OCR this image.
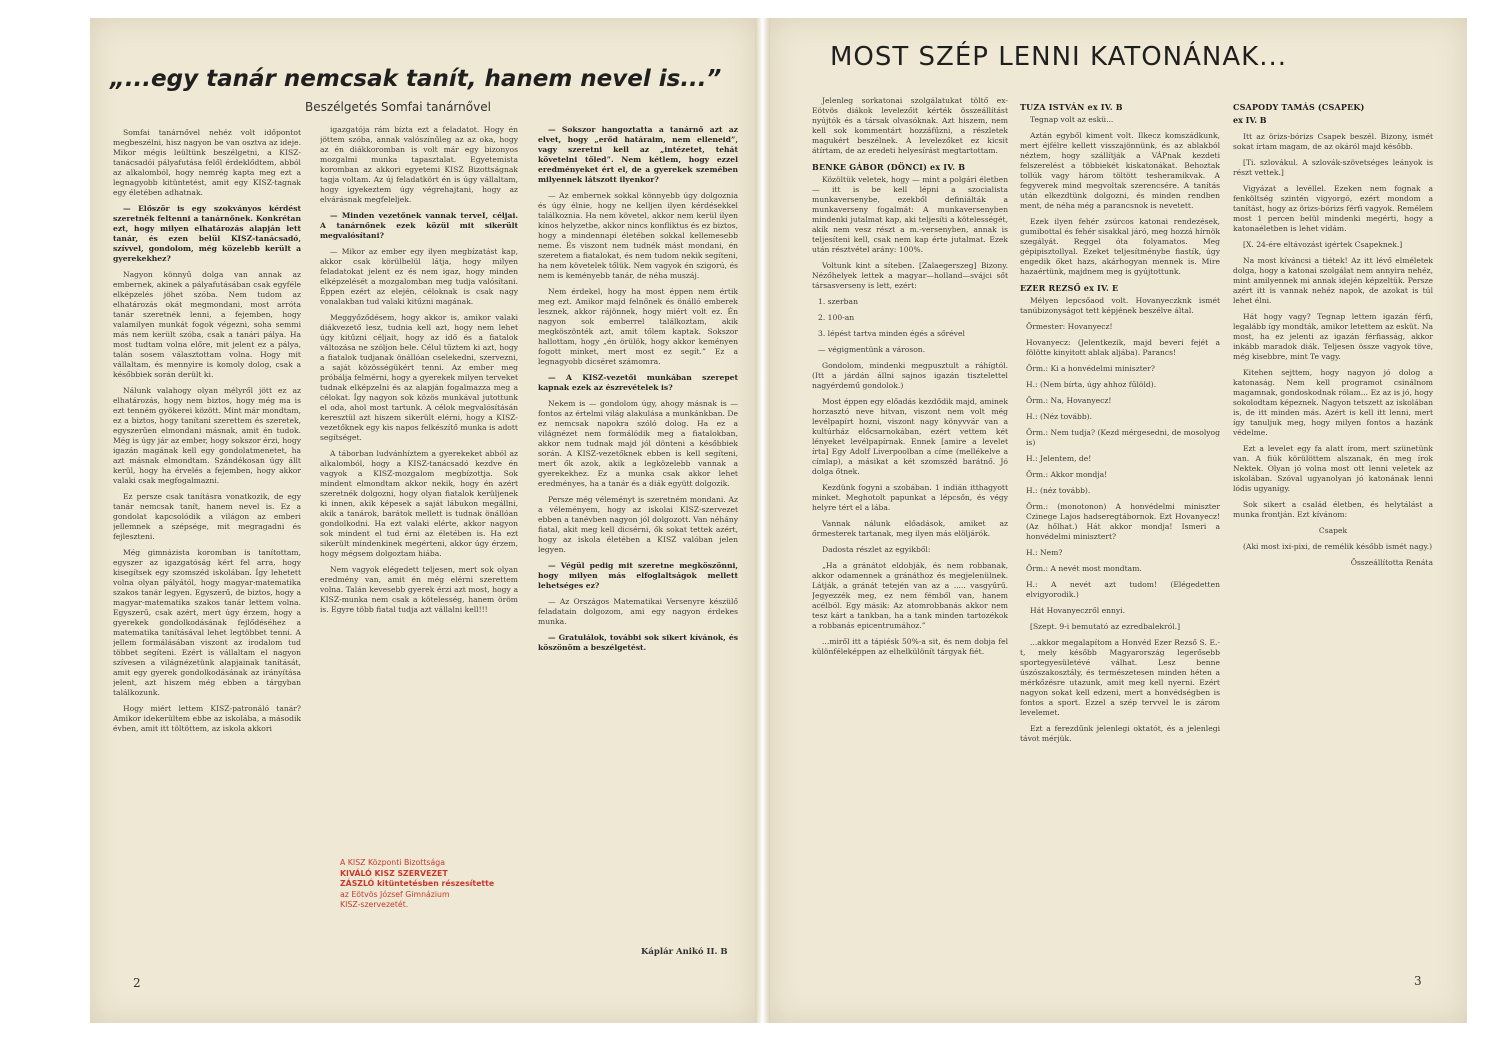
„...egy tanár nemcsak tanít, hanem nevel is...”
Beszélgetés Somfai tanárnővel
MOST SZÉP LENNI KATONÁNAK...

Somfai tanárnővel nehéz volt időpontot megbeszélni, hisz nagyon be van osztva az ideje. Mikor mégis leültünk beszélgetni, a KISZ-tanácsadói pályafutása felől érdeklődtem, abból az alkalomból, hogy nemrég kapta meg ezt a legnagyobb kitüntetést, amit egy KISZ-tagnak egy életében adhatnak.

— Először is egy szokványos kérdést szeretnék feltenni a tanárnőnek. Konkrétan ezt, hogy milyen elhatározás alapján lett tanár, és ezen belül KISZ-tanácsadó, szívvel, gondolom, még közelebb került a gyerekekhez?

Nagyon könnyű dolga van annak az embernek, akinek a pályafutásában csak egyféle elképzelés jöhet szóba. Nem tudom az elhatározás okát megmondani, most arróta tanár szeretnék lenni, a fejemben, hogy valamilyen munkát fogok végezni, soha semmi más nem került szóba, csak a tanári pálya. Ha most tudtam volna előre, mit jelent ez a pálya, talán sosem választottam volna. Hogy mit vállaltam, és mennyire is komoly dolog, csak a későbbiek során derült ki.

Nálunk valahogy olyan mélyről jött ez az elhatározás, hogy nem biztos, hogy még ma is ezt tenném gyökerei között. Mint már mondtam, ez a biztos, hogy tanítani szerettem és szeretek, egyszerűen elmondani másnak, amit én tudok. Még is úgy jár az ember, hogy sokszor érzi, hogy igazán magának kell egy gondolatmenetet, ha azt másnak elmondtam. Szándékosan úgy állt kerül, hogy ha érvelés a fejemben, hogy akkor valaki csak megfogalmazni.

Ez persze csak tanításra vonatkozik, de egy tanár nemcsak tanít, hanem nevel is. Ez a gondolat kapcsolódik a világon az emberi jellemnek a szépsége, mit megragadni és fejleszteni.

Még gimnázista koromban is tanítottam, egyszer az igazgatóság kért fel arra, hogy kisegítsek egy szomszéd iskolában. Így lehetett volna olyan pályától, hogy magyar-matematika szakos tanár legyen. Egyszerű, de biztos, hogy a magyar-matematika szakos tanár lettem volna. Egyszerű, csak azért, mert úgy érzem, hogy a gyerekek gondolkodásának fejlődéséhez a matematika tanításával lehet legtöbbet tenni. A jellem formálásában viszont az irodalom tud többet segíteni. Ezért is vállaltam el nagyon szívesen a világnézetünk alapjainak tanítását, amit egy gyerek gondolkodásának az irányítása jelent, azt hiszem még ebben a tárgyban találkozunk.

Hogy miért lettem KISZ-patronáló tanár? Amikor idekerültem ebbe az iskolába, a második évben, amit itt töltöttem, az iskola akkori

igazgatója rám bízta ezt a feladatot. Hogy én jöttem szóba, annak valószínűleg az az oka, hogy az én diákkoromban is volt már egy bizonyos mozgalmi munka tapasztalat. Egyetemista koromban az akkori egyetemi KISZ Bizottságnak tagja voltam. Az új feladatkört én is úgy vállaltam, hogy igyekeztem úgy végrehajtani, hogy az elvárásnak megfeleljek.

— Minden vezetőnek vannak terveI, céljai. A tanárnőnek ezek közül mit sikerült megvalósítani?

— Mikor az ember egy ilyen megbízatást kap, akkor csak körülbelül látja, hogy milyen feladatokat jelent ez és nem igaz, hogy minden elképzelését a mozgalomban meg tudja valósítani. Éppen ezért az elején, céloknak is csak nagy vonalakban tud valaki kitűzni magának.

Meggyőződésem, hogy akkor is, amikor valaki diákvezető lesz, tudnia kell azt, hogy nem lehet úgy kitűzni céljait, hogy az idő és a fiatalok változása ne szóljon bele. Célul tűztem ki azt, hogy a fiatalok tudjanak önállóan cselekedni, szervezni, a saját közösségükért tenni. Az ember meg próbálja felmérni, hogy a gyerekek milyen terveket tudnak elképzelni és az alapján fogalmazza meg a célokat. Így nagyon sok közös munkával jutottunk el oda, ahol most tartunk. A célok megvalósításán keresztül azt hiszem sikerült elérni, hogy a KISZ-vezetőknek egy kis napos felkészítő munka is adott segítséget.

A táborban ludvánhíztem a gyerekeket abból az alkalomból, hogy a KISZ-tanácsadó kezdve én vagyok a KISZ-mozgalom megbízottja. Sok mindent elmondtam akkor nekik, hogy én azért szeretnék dolgozni, hogy olyan fiatalok kerüljenek ki innen, akik képesek a saját lábukon megállni, akik a tanárok, barátok mellett is tudnak önállóan gondolkodni. Ha ezt valaki elérte, akkor nagyon sok mindent el tud érni az életében is. Ha ezt sikerült mindenkinek megérteni, akkor úgy érzem, hogy mégsem dolgoztam hiába.

Nem vagyok elégedett teljesen, mert sok olyan eredmény van, amit én még elérni szerettem volna. Talán kevesebb gyerek érzi azt most, hogy a KISZ-munka nem csak a kötelesség, hanem öröm is. Egyre több fiatal tudja azt vállalni kell!!!

— Sokszor hangoztatta a tanárnő azt az elvet, hogy „erőd határaim, nem elleneid”, vagy szeretni kell az „intézetet, tehát követelni tőled”. Nem kétlem, hogy ezzel eredményeket ért el, de a gyerekek szemében milyennek látszott ilyenkor?

— Az embernek sokkal könnyebb úgy dolgoznia és úgy élnie, hogy ne kelljen ilyen kérdésekkel találkoznia. Ha nem követel, akkor nem kerül ilyen kínos helyzetbe, akkor nincs konfliktus és ez biztos, hogy a mindennapi életében sokkal kellemesebb neme. És viszont nem tudnék mást mondani, én szeretem a fiatalokat, és nem tudom nekik segíteni, ha nem követelek tőlük. Nem vagyok én szigorú, és nem is keményebb tanár, de néha muszáj.

Nem érdekel, hogy ha most éppen nem értik meg ezt. Amikor majd felnőnek és önálló emberek lesznek, akkor rájönnek, hogy miért volt ez. Én nagyon sok emberrel találkoztam, akik megköszönték azt, amit tőlem kaptak. Sokszor hallottam, hogy „én örülök, hogy akkor keményen fogott minket, mert most ez segít.” Ez a legnagyobb dicséret számomra.

— A KISZ-vezetői munkában szerepet kapnak ezek az észrevételek is?

Nekem is — gondolom úgy, ahogy másnak is — fontos az értelmi világ alakulása a munkánkban. De ez nemcsak napokra szóló dolog. Ha ez a világnézet nem formálódik meg a fiatalokban, akkor nem tudnak majd jól dönteni a későbbiek során. A KISZ-vezetőknek ebben is kell segíteni, mert ők azok, akik a legközelebb vannak a gyerekekhez. Ez a munka csak akkor lehet eredményes, ha a tanár és a diák együtt dolgozik.

Persze még véleményt is szeretném mondani. Az a véleményem, hogy az iskolai KISZ-szervezet ebben a tanévben nagyon jól dolgozott. Van néhány fiatal, akit meg kell dicsérni, ők sokat tettek azért, hogy az iskola életében a KISZ valóban jelen legyen.

— Végül pedig mit szeretne megköszönni, hogy milyen más elfoglaltságok mellett lehetséges ez?

— Az Országos Matematikai Versenyre készülő feladatain dolgozom, ami egy nagyon érdekes munka.

— Gratulálok, további sok sikert kívánok, és köszönöm a beszélgetést.

A KISZ Központi Bizottsága

KIVÁLÓ KISZ SZERVEZET

ZÁSZLÓ kitüntetésben részesítette

az Eötvös József Gimnázium

KISZ-szervezetét.

Káplár Anikó II. B

Jelenleg sorkatonai szolgálatukat töltő ex-Eötvös diákok levelezőit kérték összeállítást nyújtók és a társak olvasóknak. Azt hiszem, nem kell sok kommentárt hozzáfűzni, a részletek magukért beszélnek. A levelezőket ez kicsit átírtam, de az eredeti helyesírást megtartottam.

BENKE GÁBOR (DÖNCI) ex IV. B

Közöltük veletek, hogy — mint a polgári életben — itt is be kell lépni a szocialista munkaversenybe, ezekből definiálták a munkaverseny fogalmát: A munkaversenyben mindenki jutalmat kap, aki teljesíti a kötelességét, akik nem vesz részt a m.-versenyben, annak is teljesíteni kell, csak nem kap érte jutalmat. Ezek után résztvétel arány: 100%.

Voltunk kint a síteben. [Zalaegerszeg] Bizony. Nézőhelyek lettek a magyar—holland—svájci sőt társasverseny is lett, ezért:

1. szerban

2. 100-an

3. lépést tartva minden égés a sőrével

— végigmentünk a városon.

Gondolom, mindenki megpusztult a ráhígtól. (Itt a járdán állni sajnos igazán tisztelettel nagyérdemű gondolok.)

Most éppen egy előadás kezdődik majd, aminek horzasztó neve hitvan, viszont nem volt még levélpapírt hozni, viszont nagy könyvvár van a kultúrház előcsarnokában, ezért vettem két lényeket levélpapírnak. Ennek [amire a levelet írta] Egy Adolf Liverpoolban a címe (mellékelve a címlap), a másikat a két szomszéd barátnő. Jó dolga őtnek.

Kezdünk fogyni a szobában. 1 indián itthagyott minket. Meghotolt papunkat a lépcsőn, és végy helyre tért el a lába.

Vannak nálunk előadások, amiket az őrmesterek tartanak, meg ilyen más elöljárók.

Dadosta részlet az egyikből:

„Ha a gránátot eldobják, és nem robbanak, akkor odamennek a gránáthoz és megjelenülnek. Látják, a gránát tetején van az a ..... vasgyűrű. Jegyezzék meg, ez nem fémből van, hanem acélból. Egy másik: Az atomrobbanás akkor nem tesz kárt a tankban, ha a tank minden tartozékok a robbanás epicentrumához.”

...miről itt a tápiésk 50%-a sit, és nem dobja fel különféleképpen az elhelkülönít tárgyak fiét.

TUZA ISTVÁN ex IV. B

Tegnap volt az eskü...

Aztán egyből kiment volt. Ilkecz komszádkunk, mert éjfélre kellett visszajönnünk, és az ablakból néztem, hogy szállítják a VÁPnak kezdeti felszerelést a többiekét kiskatonákat. Behoztak tollúk vagy három töltött tesheramikvak. A fegyverek mind megvoltak szerencsére. A tanítás után elkezdtünk dolgozni, és minden rendben ment, de néha még a parancsnok is nevetett.

Ezek ilyen fehér zsúrcos katonai rendezések, gumibottal és fehér sisakkal járó, meg hozzá hírnök szegályát. Reggel óta folyamatos. Meg gépipisztollyal. Ezeket teljesítménybe fiastík, úgy engedik őket hazs, akárhogyan mennek is. Mire hazaértünk, majdnem meg is gyújtottunk.

EZER REZSŐ ex IV. E

Mélyen lepcsőaod volt. Hovanyeczknk ismét tanúbizonyságot tett képjének beszélve által.

Őrmester: Hovanyecz!

Hovanyecz: (Jelentkezik, majd beveri fejét a fölötte kinyitott ablak aljába). Parancs!

Őrm.: Ki a honvédelmi miniszter?

H.: (Nem bírta, úgy ahhoz fűlöld).

Őrm.: Na, Hovanyecz!

H.: (Néz tovább).

Őrm.: Nem tudja? (Kezd mérgesedni, de mosolyog is)

H.: Jelentem, de!

Őrm.: Akkor mondja!

H.: (néz tovább).

Őrm.: (monotonon) A honvédelmi miniszter Czinege Lajos hadseregtábornok. Ezt Hovanyecz! (Az hőlhat.) Hát akkor mondja! Ismeri a honvédelmi minisztert?

H.: Nem?

Őrm.: A nevét most mondtam.

H.: A nevét azt tudom! (Elégedetten elvigyorodik.)

Hát Hovanyeczről ennyi.

[Szept. 9-i bemutató az ezredbalekról.]

...akkor megalapítom a Honvéd Ezer Rezső S. E.-t, mely később Magyarország legerősebb sportegyesületévé válhat. Lesz benne úszószakosztály, és természetesen minden héten a mérkőzésre utazunk, amit meg kell nyerni. Ezért nagyon sokat kell edzeni, mert a honvédségben is fontos a sport. Ezzel a szép tervvel le is zárom levelemet.

Ezt a ferezdűnk jelenlegi oktatót, és a jelenlegi távot mérjük.

CSAPODY TAMÁS (CSAPEK)
ex IV. B

Itt az örizs-bórizs Csapek beszél. Bizony, ismét sokat írtam magam, de az okáról majd később.

[Ti. szlovákul. A szlovák-szövetséges leányok is részt vettek.]

Vigyázat a levéllel. Ezeken nem fognak a fenköltség szintén vigyorgó, ezért mondom a tanítást, hogy az örizs-bórizs férfi vagyok. Remélem most 1 percen belül mindenki megérti, hogy a katonaéletben is lehet vidám.

[X. 24-ére eltávozást igértek Csapeknek.]

Na most kíváncsi a tiétek! Az itt lévő elméletek dolga, hogy a katonai szolgálat nem annyira nehéz, mint amilyennek mi annak idején képzeltük. Persze azért itt is vannak nehéz napok, de azokat is túl lehet élni.

Hát hogy vagy? Tegnap lettem igazán férfi, legalább így mondták, amikor letettem az esküt. Na most, ha ez jelenti az igazán férfiasság, akkor inkább maradok diák. Teljesen össze vagyok töve, még kisebbre, mint Te vagy.

Kitehen sejttem, hogy nagyon jó dolog a katonaság. Nem kell programot csinálnom magamnak, gondoskodnak rólam... Ez az is jó, hogy sokolodtam képeznek. Nagyon tetszett az iskolában is, de itt minden más. Azért is kell itt lenni, mert így tanuljuk meg, hogy milyen fontos a hazánk védelme.

Ezt a levelet egy fa alatt írom, mert szünetünk van. A fiúk körülöttem alszanak, én meg írok Nektek. Olyan jó volna most ott lenni veletek az iskolában. Szóval ugyanolyan jó katonának lenni lódis ugyanígy.

Sok sikert a család életben, és helytálást a munka frontján. Ezt kívánom:

Csapek

(Aki most ixi-pixi, de remélik később ismét nagy.)

Összeállította Renáta

2	3
